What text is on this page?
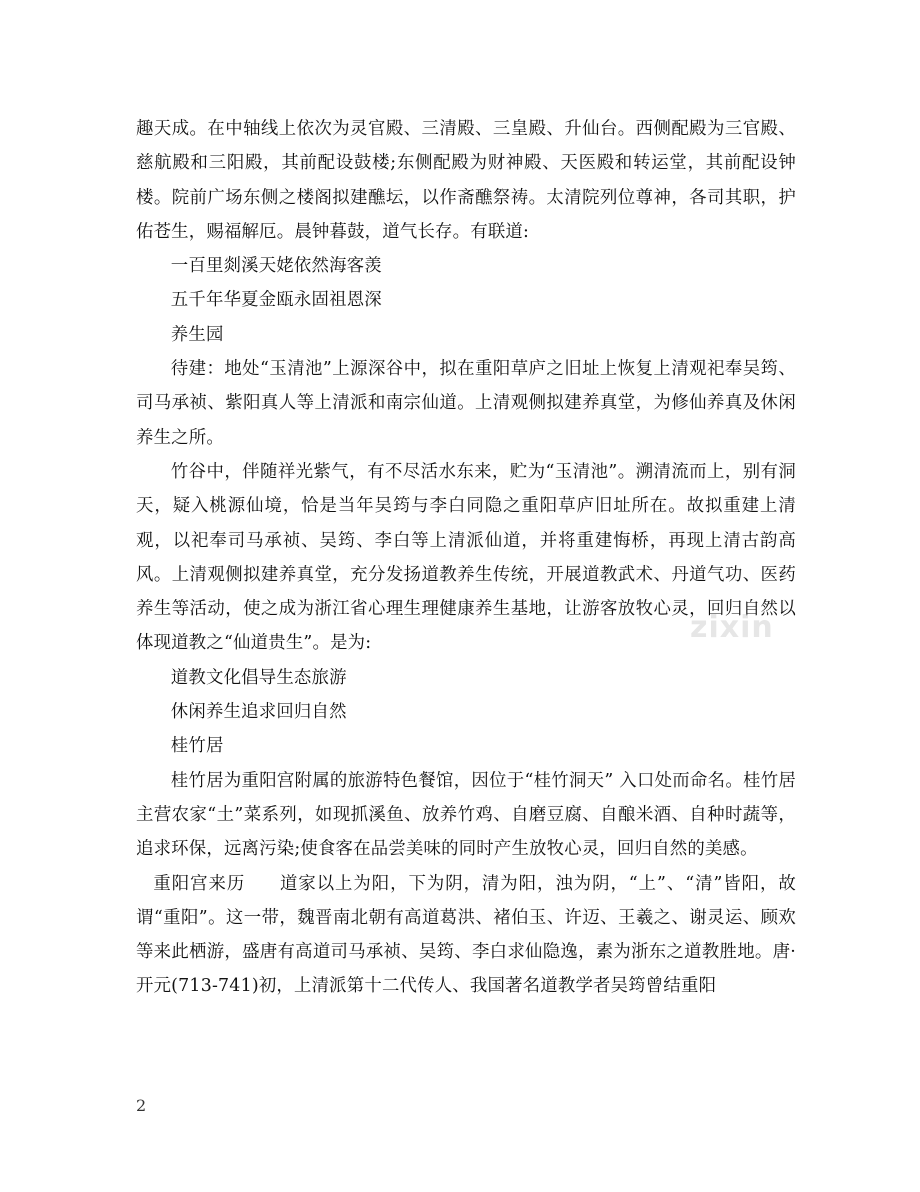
趣天成。在中轴线上依次为灵官殿、三清殿、三皇殿、升仙台。西侧配殿为三官殿、慈航殿和三阳殿，其前配设鼓楼;东侧配殿为财神殿、天医殿和转运堂，其前配设钟楼。院前广场东侧之楼阁拟建醮坛，以作斋醮祭祷。太清院列位尊神，各司其职，护佑苍生，赐福解厄。晨钟暮鼓，道气长存。有联道:

一百里剡溪天姥依然海客羡

五千年华夏金瓯永固祖恩深

养生园

待建：地处“玉清池”上源深谷中，拟在重阳草庐之旧址上恢复上清观祀奉吴筠、司马承祯、紫阳真人等上清派和南宗仙道。上清观侧拟建养真堂，为修仙养真及休闲养生之所。

竹谷中，伴随祥光紫气，有不尽活水东来，贮为“玉清池”。溯清流而上，别有洞天，疑入桃源仙境，恰是当年吴筠与李白同隐之重阳草庐旧址所在。故拟重建上清观，以祀奉司马承祯、吴筠、李白等上清派仙道，并将重建悔桥，再现上清古韵高风。上清观侧拟建养真堂，充分发扬道教养生传统，开展道教武术、丹道气功、医药养生等活动，使之成为浙江省心理生理健康养生基地，让游客放牧心灵，回归自然以体现道教之“仙道贵生”。是为:

道教文化倡导生态旅游

休闲养生追求回归自然

桂竹居

桂竹居为重阳宫附属的旅游特色餐馆，因位于“桂竹洞天” 入口处而命名。桂竹居主营农家“土”菜系列，如现抓溪鱼、放养竹鸡、自磨豆腐、自酿米酒、自种时蔬等，追求环保，远离污染;使食客在品尝美味的同时产生放牧心灵，回归自然的美感。

重阳宫来历 道家以上为阳，下为阴，清为阳，浊为阴，“上”、“清”皆阳，故谓“重阳”。这一带，魏晋南北朝有高道葛洪、褚伯玉、许迈、王羲之、谢灵运、顾欢等来此栖游，盛唐有高道司马承祯、吴筠、李白求仙隐逸，素为浙东之道教胜地。唐·开元(713-741)初，上清派第十二代传人、我国著名道教学者吴筠曾结重阳

zixin
2
